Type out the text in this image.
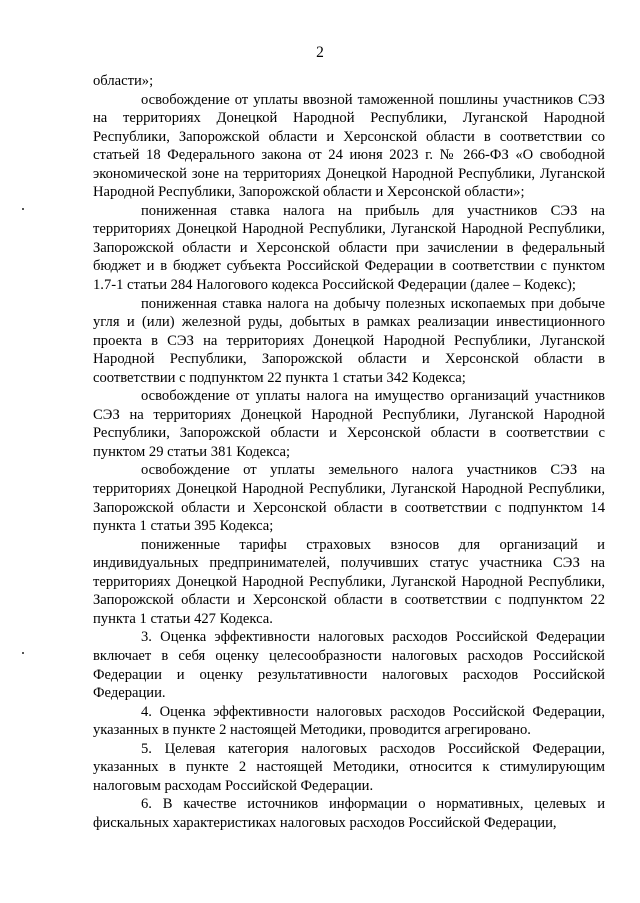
2

области»;

освобождение от уплаты ввозной таможенной пошлины участников СЭЗ на территориях Донецкой Народной Республики, Луганской Народной Республики, Запорожской области и Херсонской области в соответствии со статьей 18 Федерального закона от 24 июня 2023 г. № 266-ФЗ «О свободной экономической зоне на территориях Донецкой Народной Республики, Луганской Народной Республики, Запорожской области и Херсонской области»;

пониженная ставка налога на прибыль для участников СЭЗ на территориях Донецкой Народной Республики, Луганской Народной Республики, Запорожской области и Херсонской области при зачислении в федеральный бюджет и в бюджет субъекта Российской Федерации в соответствии с пунктом 1.7-1 статьи 284 Налогового кодекса Российской Федерации (далее – Кодекс);

пониженная ставка налога на добычу полезных ископаемых при добыче угля и (или) железной руды, добытых в рамках реализации инвестиционного проекта в СЭЗ на территориях Донецкой Народной Республики, Луганской Народной Республики, Запорожской области и Херсонской области в соответствии с подпунктом 22 пункта 1 статьи 342 Кодекса;

освобождение от уплаты налога на имущество организаций участников СЭЗ на территориях Донецкой Народной Республики, Луганской Народной Республики, Запорожской области и Херсонской области в соответствии с пунктом 29 статьи 381 Кодекса;

освобождение от уплаты земельного налога участников СЭЗ на территориях Донецкой Народной Республики, Луганской Народной Республики, Запорожской области и Херсонской области в соответствии с подпунктом 14 пункта 1 статьи 395 Кодекса;

пониженные тарифы страховых взносов для организаций и индивидуальных предпринимателей, получивших статус участника СЭЗ на территориях Донецкой Народной Республики, Луганской Народной Республики, Запорожской области и Херсонской области в соответствии с подпунктом 22 пункта 1 статьи 427 Кодекса.

3. Оценка эффективности налоговых расходов Российской Федерации включает в себя оценку целесообразности налоговых расходов Российской Федерации и оценку результативности налоговых расходов Российской Федерации.

4. Оценка эффективности налоговых расходов Российской Федерации, указанных в пункте 2 настоящей Методики, проводится агрегировано.

5. Целевая категория налоговых расходов Российской Федерации, указанных в пункте 2 настоящей Методики, относится к стимулирующим налоговым расходам Российской Федерации.

6. В качестве источников информации о нормативных, целевых и фискальных характеристиках налоговых расходов Российской Федерации,
